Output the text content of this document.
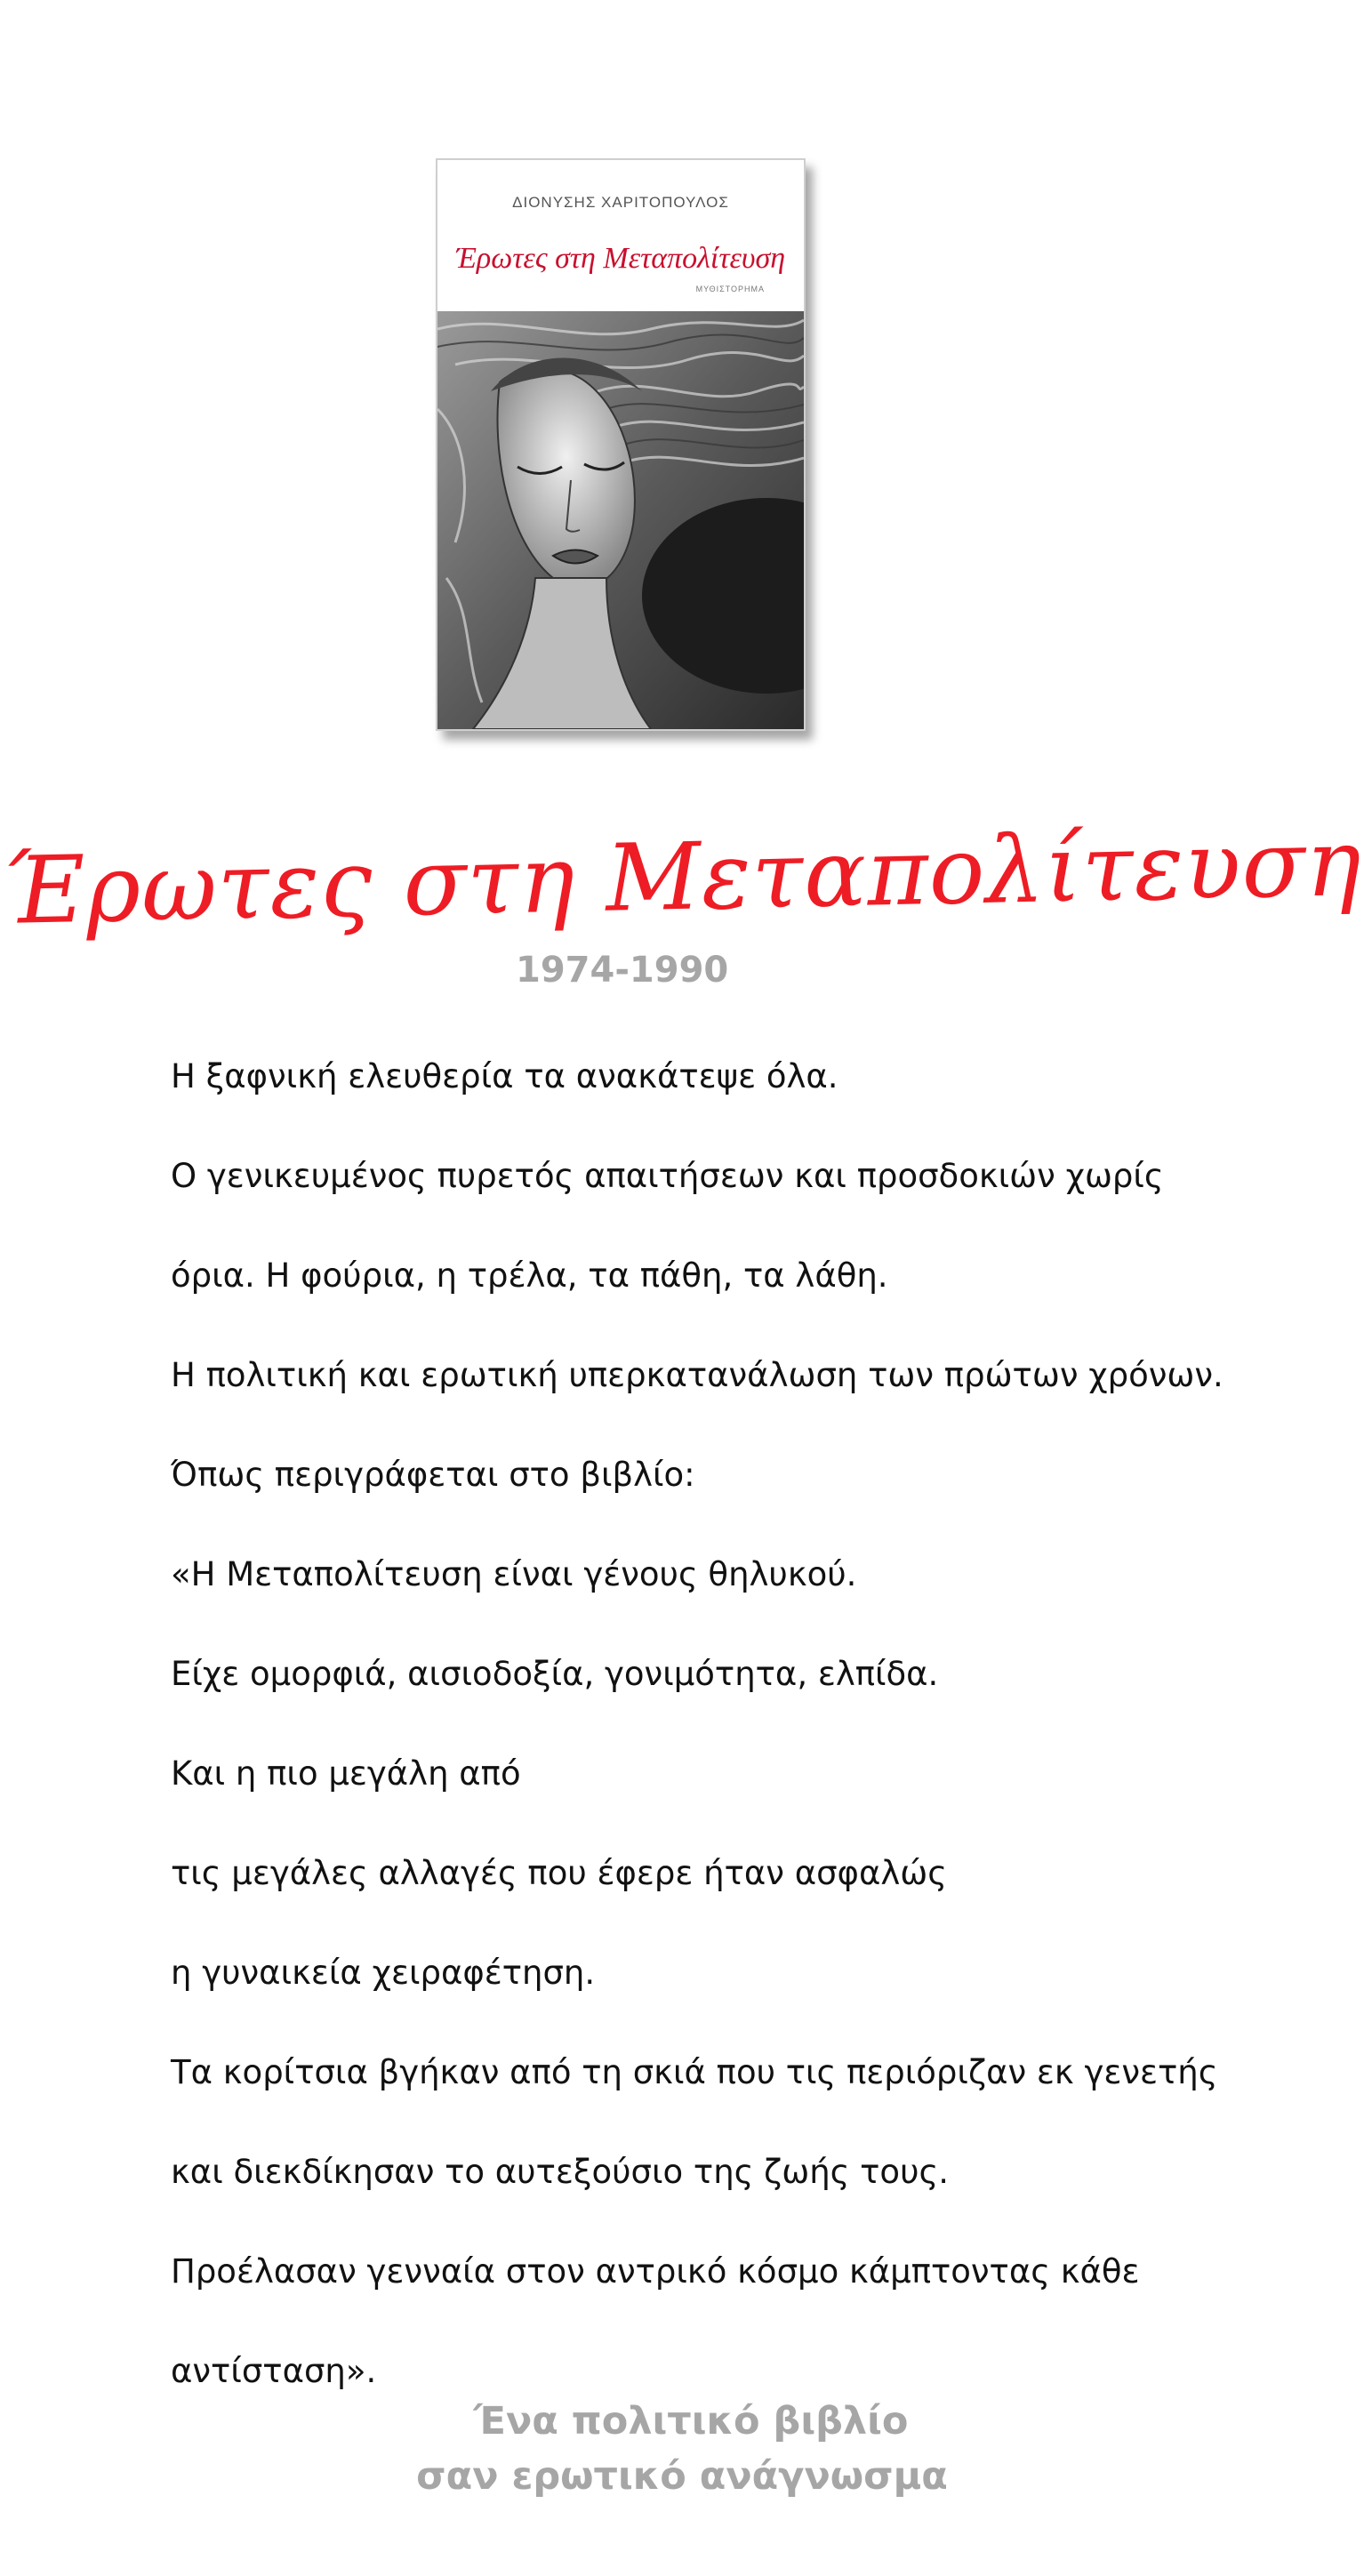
ΔΙΟΝΥΣΗΣ ΧΑΡΙΤΟΠΟΥΛΟΣ
Έρωτες στη Μεταπολίτευση
ΜΥΘΙΣΤΟΡΗΜΑ
Έρωτες στη Μεταπολίτευση
1974-1990

Η ξαφνική ελευθερία τα ανακάτεψε όλα.

Ο γενικευμένος πυρετός απαιτήσεων και προσδοκιών χωρίς

όρια. Η φούρια, η τρέλα, τα πάθη, τα λάθη.

Η πολιτική και ερωτική υπερκατανάλωση των πρώτων χρόνων.

Όπως περιγράφεται στο βιβλίο:

«Η Μεταπολίτευση είναι γένους θηλυκού.

Είχε ομορφιά, αισιοδοξία, γονιμότητα, ελπίδα.

Και η πιο μεγάλη από

τις μεγάλες αλλαγές που έφερε ήταν ασφαλώς

η γυναικεία χειραφέτηση.

Τα κορίτσια βγήκαν από τη σκιά που τις περιόριζαν εκ γενετής

και διεκδίκησαν το αυτεξούσιο της ζωής τους.

Προέλασαν γενναία στον αντρικό κόσμο κάμπτοντας κάθε

αντίσταση».

Ένα πολιτικό βιβλίο
σαν ερωτικό ανάγνωσμα
